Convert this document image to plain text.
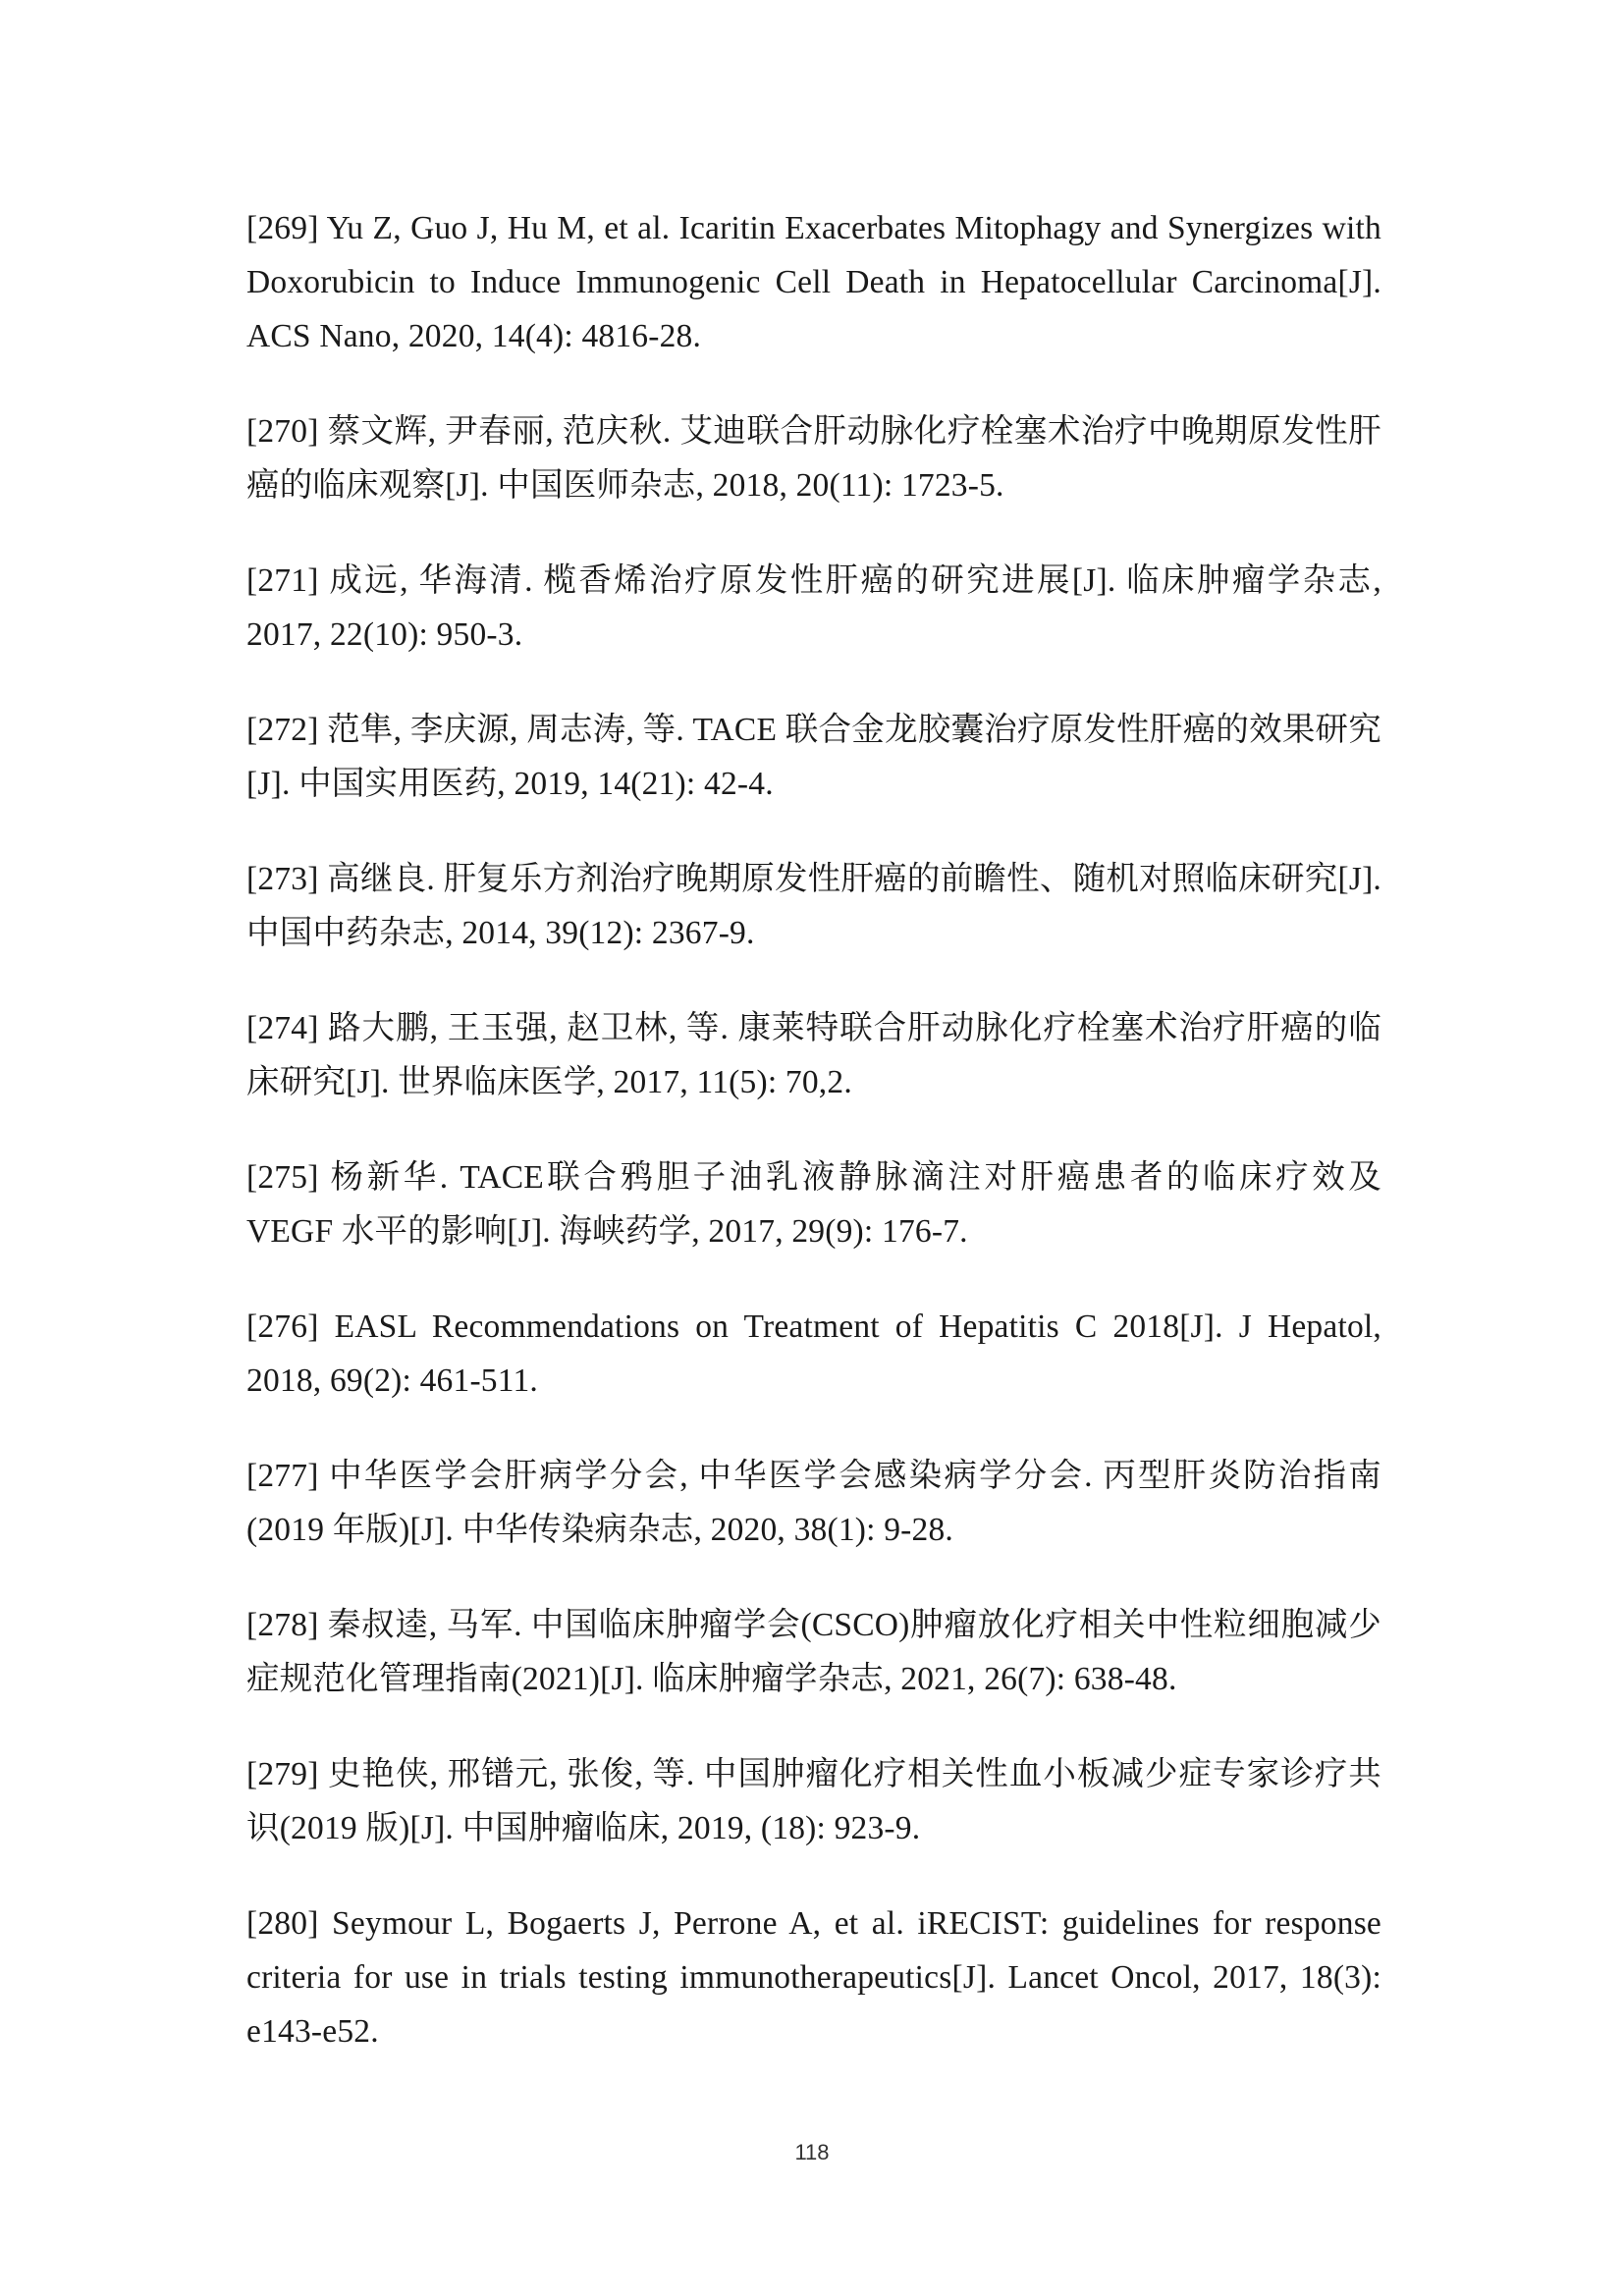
[269] Yu Z, Guo J, Hu M, et al. Icaritin Exacerbates Mitophagy and Synergizes with Doxorubicin to Induce Immunogenic Cell Death in Hepatocellular Carcinoma[J]. ACS Nano, 2020, 14(4): 4816-28.

[270] 蔡文辉, 尹春丽, 范庆秋. 艾迪联合肝动脉化疗栓塞术治疗中晚期原发性肝癌的临床观察[J]. 中国医师杂志, 2018, 20(11): 1723-5.

[271] 成远, 华海清. 榄香烯治疗原发性肝癌的研究进展[J]. 临床肿瘤学杂志, 2017, 22(10): 950-3.

[272] 范隼, 李庆源, 周志涛, 等. TACE 联合金龙胶囊治疗原发性肝癌的效果研究[J]. 中国实用医药, 2019, 14(21): 42-4.

[273] 高继良. 肝复乐方剂治疗晚期原发性肝癌的前瞻性、随机对照临床研究[J]. 中国中药杂志, 2014, 39(12): 2367-9.

[274] 路大鹏, 王玉强, 赵卫林, 等. 康莱特联合肝动脉化疗栓塞术治疗肝癌的临床研究[J]. 世界临床医学, 2017, 11(5): 70,2.

[275] 杨新华. TACE联合鸦胆子油乳液静脉滴注对肝癌患者的临床疗效及 VEGF 水平的影响[J]. 海峡药学, 2017, 29(9): 176-7.

[276] EASL Recommendations on Treatment of Hepatitis C 2018[J]. J Hepatol, 2018, 69(2): 461-511.

[277] 中华医学会肝病学分会, 中华医学会感染病学分会. 丙型肝炎防治指南(2019 年版)[J]. 中华传染病杂志, 2020, 38(1): 9-28.

[278] 秦叔逵, 马军. 中国临床肿瘤学会(CSCO)肿瘤放化疗相关中性粒细胞减少症规范化管理指南(2021)[J]. 临床肿瘤学杂志, 2021, 26(7): 638-48.

[279] 史艳侠, 邢镨元, 张俊, 等. 中国肿瘤化疗相关性血小板减少症专家诊疗共识(2019 版)[J]. 中国肿瘤临床, 2019, (18): 923-9.

[280] Seymour L, Bogaerts J, Perrone A, et al. iRECIST: guidelines for response criteria for use in trials testing immunotherapeutics[J]. Lancet Oncol, 2017, 18(3): e143-e52.

118
